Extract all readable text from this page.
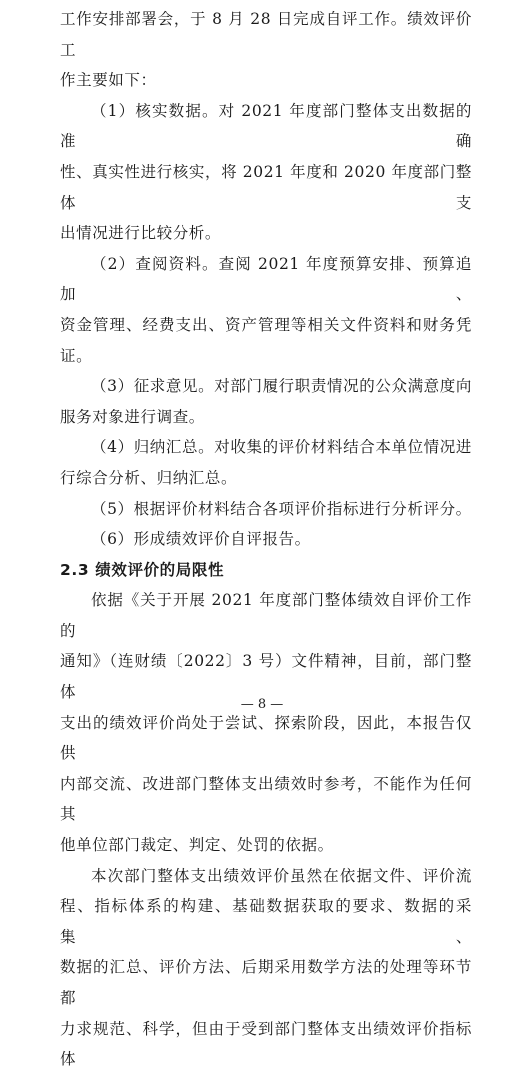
工作安排部署会，于 8 月 28 日完成自评工作。绩效评价工

作主要如下：

（1）核实数据。对 2021 年度部门整体支出数据的准确

性、真实性进行核实，将 2021 年度和 2020 年度部门整体支

出情况进行比较分析。

（2）查阅资料。查阅 2021 年度预算安排、预算追加、

资金管理、经费支出、资产管理等相关文件资料和财务凭证。

（3）征求意见。对部门履行职责情况的公众满意度向

服务对象进行调查。

（4）归纳汇总。对收集的评价材料结合本单位情况进

行综合分析、归纳汇总。

（5）根据评价材料结合各项评价指标进行分析评分。

（6）形成绩效评价自评报告。

2.3 绩效评价的局限性

依据《关于开展 2021 年度部门整体绩效自评价工作的

通知》（连财绩〔2022〕3 号）文件精神，目前，部门整体

支出的绩效评价尚处于尝试、探索阶段，因此，本报告仅供

内部交流、改进部门整体支出绩效时参考，不能作为任何其

他单位部门裁定、判定、处罚的依据。

本次部门整体支出绩效评价虽然在依据文件、评价流

程、指标体系的构建、基础数据获取的要求、数据的采集、

数据的汇总、评价方法、后期采用数学方法的处理等环节都

力求规范、科学，但由于受到部门整体支出绩效评价指标体

— 8 —
